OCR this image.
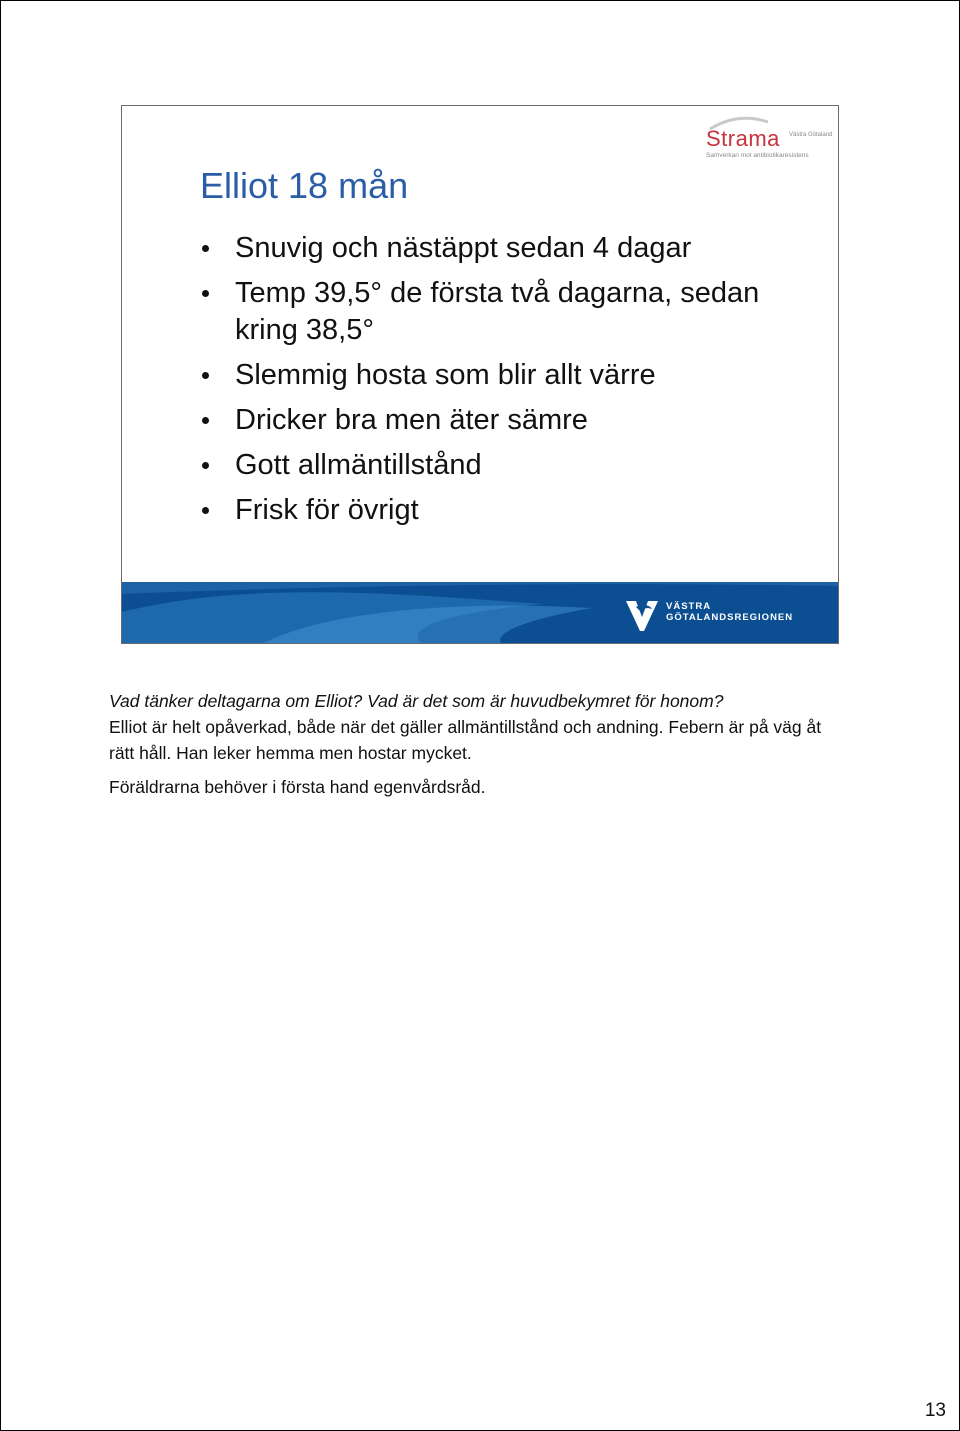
Strama Västra Götaland
Samverkan mot antibiotikaresistens
Elliot 18 mån
Snuvig och nästäppt sedan 4 dagar
Temp 39,5° de första två dagarna, sedan kring 38,5°
Slemmig hosta som blir allt värre
Dricker bra men äter sämre
Gott allmäntillstånd
Frisk för övrigt
VÄSTRA
GÖTALANDSREGIONEN

Vad tänker deltagarna om Elliot? Vad är det som är huvudbekymret för honom?

Elliot är helt opåverkad, både när det gäller allmäntillstånd och andning. Febern är på väg åt rätt håll. Han leker hemma men hostar mycket.

Föräldrarna behöver i första hand egenvårdsråd.

13
